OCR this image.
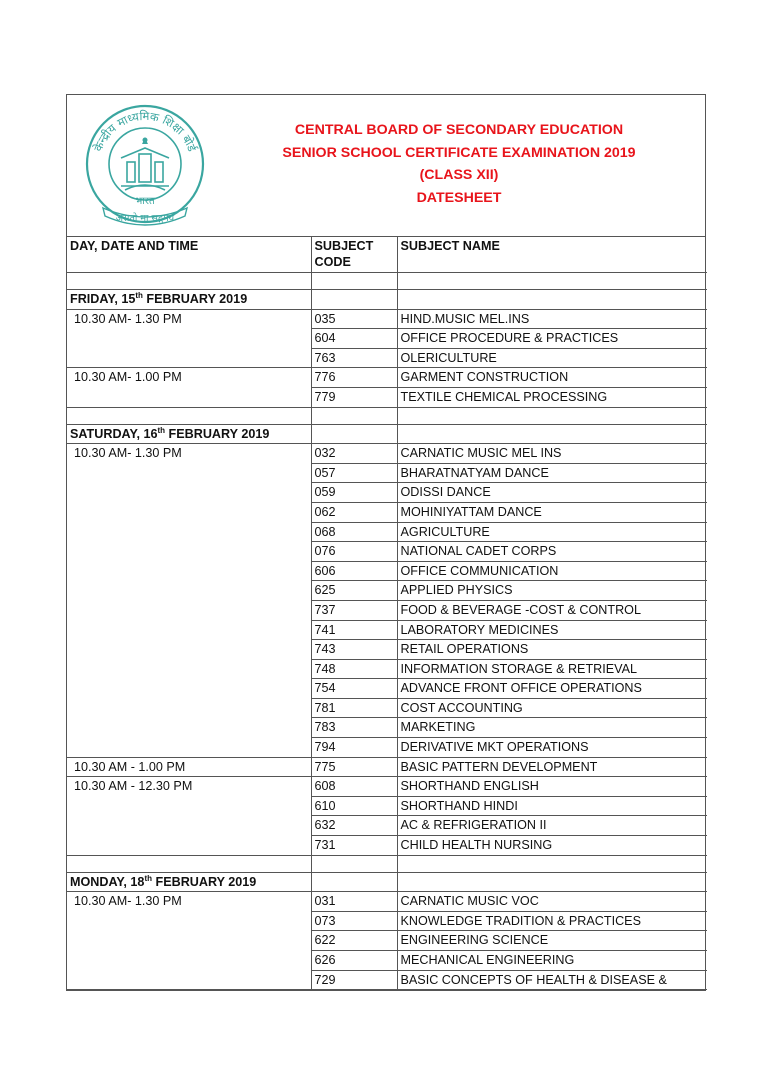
केन्द्रीय माध्यमिक शिक्षा बोर्ड
भारत
असतो मा सद्गमय
CENTRAL BOARD OF SECONDARY EDUCATION
SENIOR SCHOOL CERTIFICATE EXAMINATION 2019
(CLASS XII)
DATESHEET
DAY, DATE AND TIME	SUBJECT CODE	SUBJECT NAME

FRIDAY, 15th FEBRUARY 2019		
10.30 AM- 1.30 PM	035	HIND.MUSIC MEL.INS
	604	OFFICE PROCEDURE & PRACTICES
	763	OLERICULTURE
10.30 AM- 1.00 PM	776	GARMENT CONSTRUCTION
	779	TEXTILE CHEMICAL PROCESSING

SATURDAY, 16th FEBRUARY 2019		
10.30 AM- 1.30 PM	032	CARNATIC MUSIC MEL INS
	057	BHARATNATYAM DANCE
	059	ODISSI DANCE
	062	MOHINIYATTAM DANCE
	068	AGRICULTURE
	076	NATIONAL CADET CORPS
	606	OFFICE COMMUNICATION
	625	APPLIED PHYSICS
	737	FOOD & BEVERAGE -COST & CONTROL
	741	LABORATORY MEDICINES
	743	RETAIL OPERATIONS
	748	INFORMATION STORAGE & RETRIEVAL
	754	ADVANCE FRONT OFFICE OPERATIONS
	781	COST ACCOUNTING
	783	MARKETING
	794	DERIVATIVE MKT OPERATIONS
10.30 AM - 1.00 PM	775	BASIC PATTERN DEVELOPMENT
10.30 AM - 12.30 PM	608	SHORTHAND ENGLISH
	610	SHORTHAND HINDI
	632	AC & REFRIGERATION II
	731	CHILD HEALTH NURSING

MONDAY, 18th FEBRUARY 2019		
10.30 AM- 1.30 PM	031	CARNATIC MUSIC VOC
	073	KNOWLEDGE TRADITION & PRACTICES
	622	ENGINEERING SCIENCE
	626	MECHANICAL ENGINEERING
	729	BASIC CONCEPTS OF HEALTH & DISEASE &
